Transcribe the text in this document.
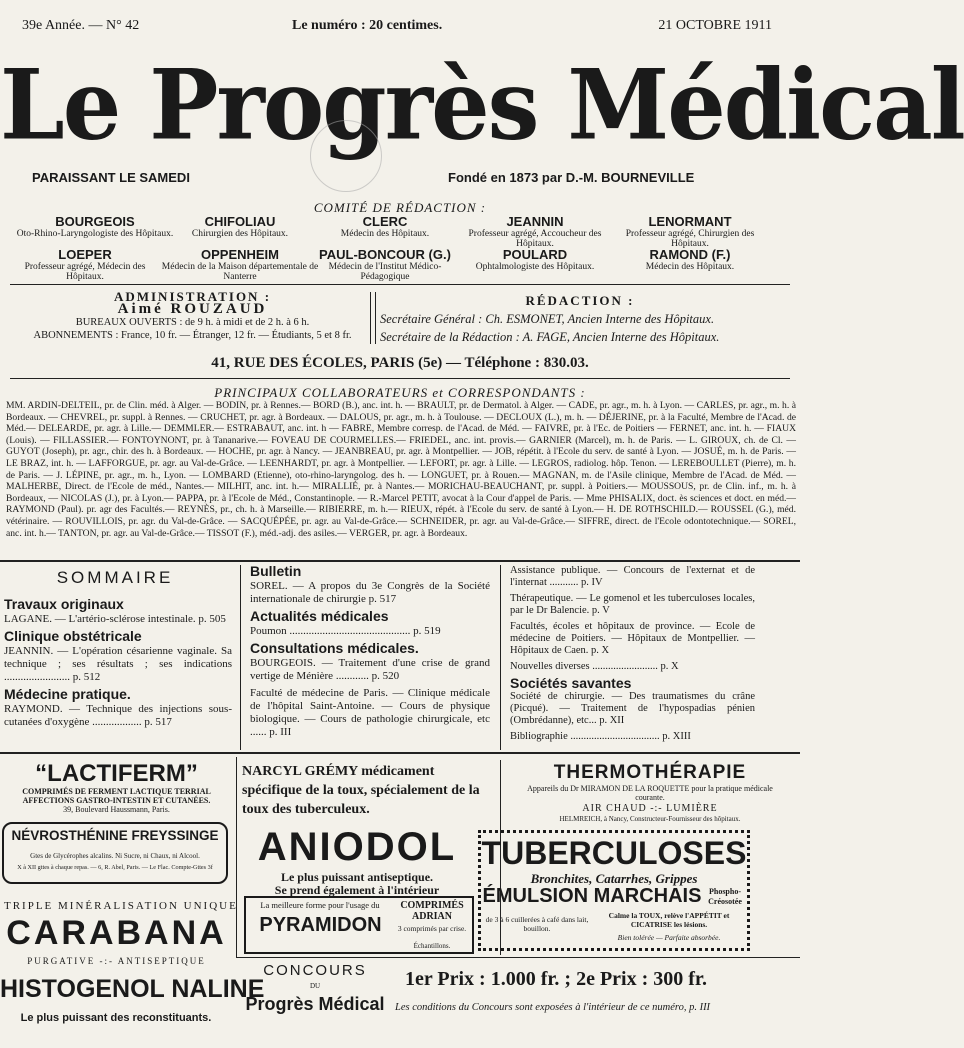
39e Année. — N° 42	Le numéro : 20 centimes.	21 OCTOBRE 1911
Le Progrès Médical
PARAISSANT LE SAMEDI	Fondé en 1873 par D.-M. BOURNEVILLE
COMITÉ DE RÉDACTION :
BOURGEOIS
Oto-Rhino-Laryngologiste des Hôpitaux.
CHIFOLIAU
Chirurgien des Hôpitaux.
CLERC
Médecin des Hôpitaux.
JEANNIN
Professeur agrégé, Accoucheur des Hôpitaux.
LENORMANT
Professeur agrégé, Chirurgien des Hôpitaux.
LOEPER
Professeur agrégé, Médecin des Hôpitaux.
OPPENHEIM
Médecin de la Maison départementale de Nanterre
PAUL-BONCOUR (G.)
Médecin de l'Institut Médico-Pédagogique
POULARD
Ophtalmologiste des Hôpitaux.
RAMOND (F.)
Médecin des Hôpitaux.
ADMINISTRATION :
Aimé ROUZAUD
BUREAUX OUVERTS : de 9 h. à midi et de 2 h. à 6 h.
ABONNEMENTS : France, 10 fr. — Étranger, 12 fr. — Étudiants, 5 et 8 fr.
RÉDACTION :
Secrétaire Général : Ch. ESMONET, Ancien Interne des Hôpitaux.
Secrétaire de la Rédaction : A. FAGE, Ancien Interne des Hôpitaux.
41, RUE DES ÉCOLES, PARIS (5e) — Téléphone : 830.03.
PRINCIPAUX COLLABORATEURS et CORRESPONDANTS :
MM. ARDIN-DELTEIL, pr. de Clin. méd. à Alger. — BODIN, pr. à Rennes.— BORD (B.), anc. int. h. — BRAULT, pr. de Dermatol. à Alger. — CADE, pr. agr., m. h. à Lyon. — CARLES, pr. agr., m. h. à Bordeaux. — CHEVREL, pr. suppl. à Rennes. — CRUCHET, pr. agr. à Bordeaux. — DALOUS, pr. agr., m. h. à Toulouse. — DECLOUX (L.), m. h. — DÉJERINE, pr. à la Faculté, Membre de l'Acad. de Méd.— DELEARDE, pr. agr. à Lille.— DEMMLER.— ESTRABAUT, anc. int. h — FABRE, Membre corresp. de l'Acad. de Méd. — FAIVRE, pr. à l'Ec. de Poitiers — FERNET, anc. int. h. — FIAUX (Louis). — FILLASSIER.— FONTOYNONT, pr. à Tananarive.— FOVEAU DE COURMELLES.— FRIEDEL, anc. int. provis.— GARNIER (Marcel), m. h. de Paris. — L. GIROUX, ch. de Cl. — GUYOT (Joseph), pr. agr., chir. des h. à Bordeaux. — HOCHE, pr. agr. à Nancy. — JEANBREAU, pr. agr. à Montpellier. — JOB, répétit. à l'Ecole du serv. de santé à Lyon. — JOSUÉ, m. h. de Paris. — LE BRAZ, int. h. — LAFFORGUE, pr. agr. au Val-de-Grâce. — LEENHARDT, pr. agr. à Montpellier. — LEFORT, pr. agr. à Lille. — LEGROS, radiolog. hôp. Tenon. — LEREBOULLET (Pierre), m. h. de Paris. — J. LÉPINE, pr. agr., m. h., Lyon. — LOMBARD (Etienne), oto-rhino-laryngolog. des h. — LONGUET, pr. à Rouen.— MAGNAN, m. de l'Asile clinique, Membre de l'Acad. de Méd. — MALHERBE, Direct. de l'Ecole de méd., Nantes.— MILHIT, anc. int. h.— MIRALLIÉ, pr. à Nantes.— MORICHAU-BEAUCHANT, pr. suppl. à Poitiers.— MOUSSOUS, pr. de Clin. inf., m. h. à Bordeaux, — NICOLAS (J.), pr. à Lyon.— PAPPA, pr. à l'Ecole de Méd., Constantinople. — R.-Marcel PETIT, avocat à la Cour d'appel de Paris. — Mme PHISALIX, doct. ès sciences et doct. en méd.— RAYMOND (Paul). pr. agr des Facultés.— REYNÈS, pr., ch. h. à Marseille.— RIBIERRE, m. h.— RIEUX, répét. à l'Ecole du serv. de santé à Lyon.— H. DE ROTHSCHILD.— ROUSSEL (G.), méd. vétérinaire. — ROUVILLOIS, pr. agr. du Val-de-Grâce. — SACQUÉPÉE, pr. agr. au Val-de-Grâce.— SCHNEIDER, pr. agr. au Val-de-Grâce.— SIFFRE, direct. de l'Ecole odontotechnique.— SOREL, anc. int. h.— TANTON, pr. agr. au Val-de-Grâce.— TISSOT (F.), méd.-adj. des asiles.— VERGER, pr. agr. à Bordeaux.
SOMMAIRE
Travaux originaux
LAGANE. — L'artério-sclérose intestinale. p. 505
Clinique obstétricale
JEANNIN. — L'opération césarienne vaginale. Sa technique ; ses résultats ; ses indications ........................ p. 512
Médecine pratique.
RAYMOND. — Technique des injections sous-cutanées d'oxygène .................. p. 517
Bulletin
SOREL. — A propos du 3e Congrès de la Société internationale de chirurgie p. 517
Actualités médicales
Poumon ............................................ p. 519
Consultations médicales.
BOURGEOIS. — Traitement d'une crise de grand vertige de Ménière ............ p. 520
Faculté de médecine de Paris. — Clinique médicale de l'hôpital Saint-Antoine. — Cours de physique biologique. — Cours de pathologie chirurgicale, etc ...... p. III
Assistance publique. — Concours de l'externat et de l'internat ........... p. IV
Thérapeutique. — Le gomenol et les tuberculoses locales, par le Dr Balencie. p. V
Facultés, écoles et hôpitaux de province. — Ecole de médecine de Poitiers. — Hôpitaux de Montpellier. — Hôpitaux de Caen. p. X
Nouvelles diverses ......................... p. X
Sociétés savantes
Société de chirurgie. — Des traumatismes du crâne (Picqué). — Traitement de l'hypospadias pénien (Ombrédanne), etc... p. XII
Bibliographie .................................. p. XIII
“LACTIFERM”
COMPRIMÉS DE FERMENT LACTIQUE TERRIAL
AFFECTIONS GASTRO-INTESTIN ET CUTANÉES.
39, Boulevard Haussmann, Paris.
NÉVROSTHÉNINE FREYSSINGE
Gtes de Glycérophes alcalins. Ni Sucre, ni Chaux, ni Alcool.
X à XII gttes à chaque repas. — 6, R. Abel, Paris. — Le Flac. Compte-Gttes 3f
TRIPLE MINÉRALISATION UNIQUE
CARABANA
PURGATIVE -:- ANTISEPTIQUE
HISTOGENOL NALINE
Le plus puissant des reconstituants.
NARCYL GRÉMY médicament spécifique de la toux, spécialement de la toux des tuberculeux.
ANIODOL
Le plus puissant antiseptique.
Se prend également à l'intérieur
La meilleure forme pour l'usage du
PYRAMIDON
COMPRIMÉS ADRIAN
3 comprimés par crise.
Échantillons.
THERMOTHÉRAPIE
Appareils du Dr MIRAMON DE LA ROQUETTE pour la pratique médicale courante.
AIR CHAUD -:- LUMIÈRE
HELMREICH, à Nancy, Constructeur-Fournisseur des hôpitaux.
TUBERCULOSES
Bronchites, Catarrhes, Grippes
ÉMULSION MARCHAIS Phospho-Créosotée
Calme la TOUX, relève l'APPÉTIT et CICATRISE les lésions.
de 3 à 6 cuillerées à café dans lait, bouillon.
Bien tolérée — Parfaite absorbée.
CONCOURS
DU
Progrès Médical
1er Prix : 1.000 fr. ; 2e Prix : 300 fr.
Les conditions du Concours sont exposées à l'intérieur de ce numéro, p. III
